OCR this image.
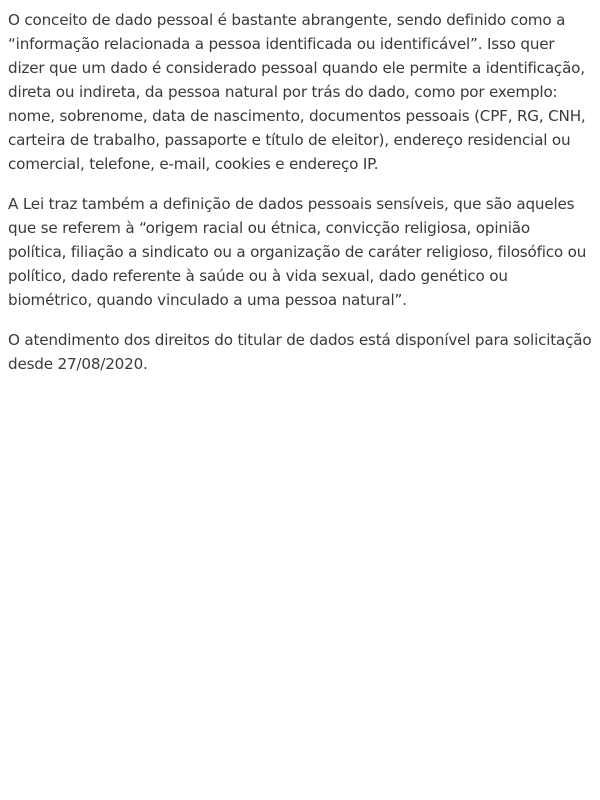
O conceito de dado pessoal é bastante abrangente, sendo definido como a “informação relacionada a pessoa identificada ou identificável”. Isso quer dizer que um dado é considerado pessoal quando ele permite a identificação, direta ou indireta, da pessoa natural por trás do dado, como por exemplo: nome, sobrenome, data de nascimento, documentos pessoais (CPF, RG, CNH, carteira de trabalho, passaporte e título de eleitor), endereço residencial ou comercial, telefone, e-mail, cookies e endereço IP.

A Lei traz também a definição de dados pessoais sensíveis, que são aqueles que se referem à “origem racial ou étnica, convicção religiosa, opinião política, filiação a sindicato ou a organização de caráter religioso, filosófico ou político, dado referente à saúde ou à vida sexual, dado genético ou biométrico, quando vinculado a uma pessoa natural”.

O atendimento dos direitos do titular de dados está disponível para solicitação desde 27/08/2020.
